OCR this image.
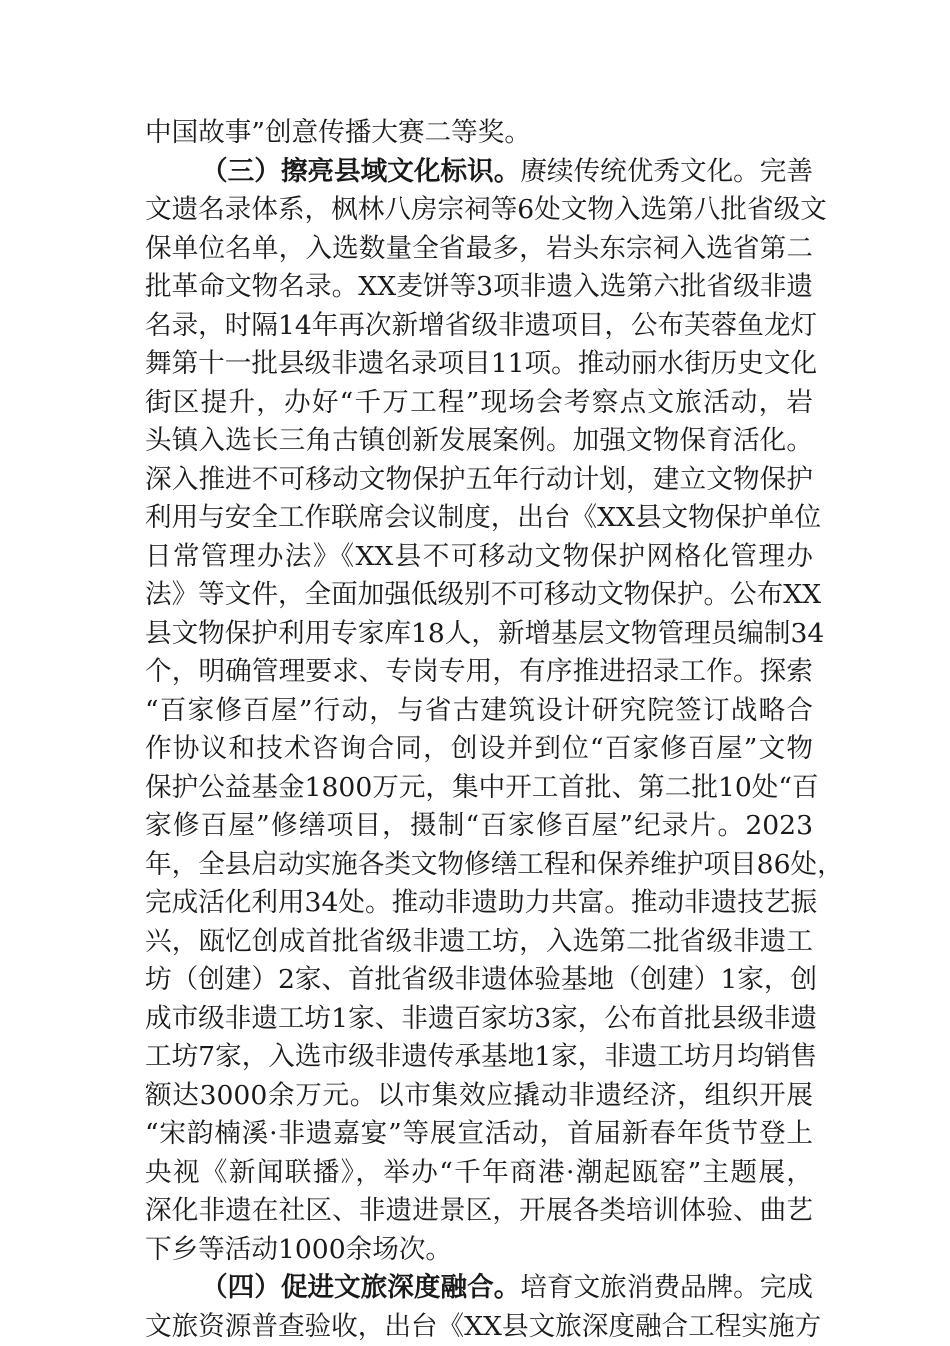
中国故事”创意传播大赛二等奖。
（三）擦亮县域文化标识。赓续传统优秀文化。完善
文遗名录体系，枫林八房宗祠等6处文物入选第八批省级文
保单位名单，入选数量全省最多，岩头东宗祠入选省第二
批革命文物名录。XX麦饼等3项非遗入选第六批省级非遗
名录，时隔14年再次新增省级非遗项目，公布芙蓉鱼龙灯
舞第十一批县级非遗名录项目11项。推动丽水街历史文化
街区提升，办好“千万工程”现场会考察点文旅活动，岩
头镇入选长三角古镇创新发展案例。加强文物保育活化。
深入推进不可移动文物保护五年行动计划，建立文物保护
利用与安全工作联席会议制度，出台《XX县文物保护单位
日常管理办法》《XX县不可移动文物保护网格化管理办
法》等文件，全面加强低级别不可移动文物保护。公布XX
县文物保护利用专家库18人，新增基层文物管理员编制34
个，明确管理要求、专岗专用，有序推进招录工作。探索
“百家修百屋”行动，与省古建筑设计研究院签订战略合
作协议和技术咨询合同，创设并到位“百家修百屋”文物
保护公益基金1800万元，集中开工首批、第二批10处“百
家修百屋”修缮项目，摄制“百家修百屋”纪录片。2023
年，全县启动实施各类文物修缮工程和保养维护项目86处，
完成活化利用34处。推动非遗助力共富。推动非遗技艺振
兴，瓯忆创成首批省级非遗工坊，入选第二批省级非遗工
坊（创建）2家、首批省级非遗体验基地（创建）1家，创
成市级非遗工坊1家、非遗百家坊3家，公布首批县级非遗
工坊7家，入选市级非遗传承基地1家，非遗工坊月均销售
额达3000余万元。以市集效应撬动非遗经济，组织开展
“宋韵楠溪·非遗嘉宴”等展宣活动，首届新春年货节登上
央视《新闻联播》，举办“千年商港·潮起瓯窑”主题展，
深化非遗在社区、非遗进景区，开展各类培训体验、曲艺
下乡等活动1000余场次。
（四）促进文旅深度融合。培育文旅消费品牌。完成
文旅资源普查验收，出台《XX县文旅深度融合工程实施方
